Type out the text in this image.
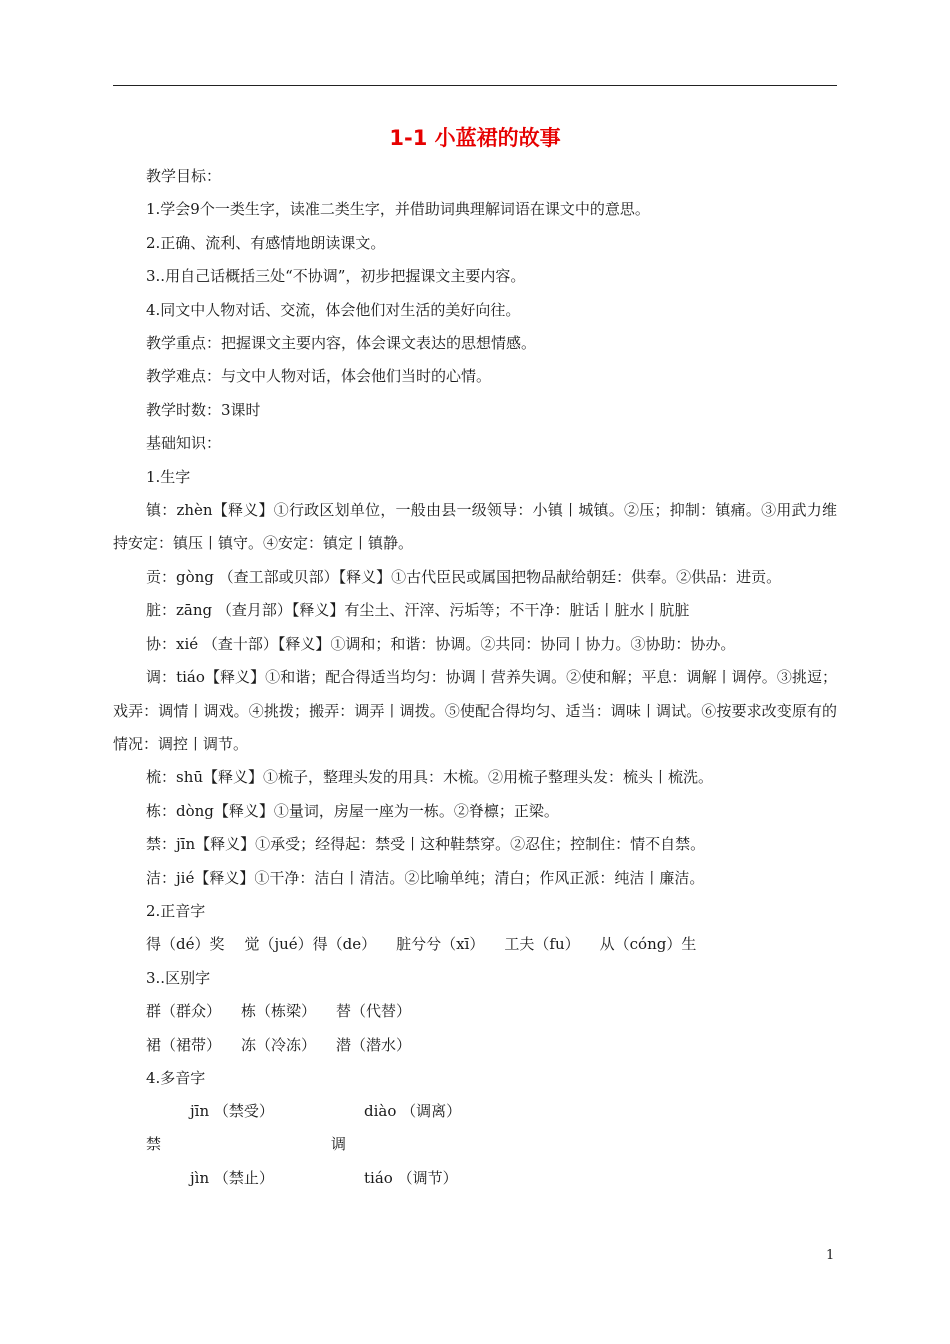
1-1 小蓝裙的故事

教学目标：

1.学会9个一类生字，读准二类生字，并借助词典理解词语在课文中的意思。

2.正确、流利、有感情地朗读课文。

3..用自己话概括三处“不协调”，初步把握课文主要内容。

4.同文中人物对话、交流，体会他们对生活的美好向往。

教学重点：把握课文主要内容，体会课文表达的思想情感。

教学难点：与文中人物对话，体会他们当时的心情。

教学时数：3课时

基础知识：

1.生字

镇：zhèn【释义】①行政区划单位，一般由县一级领导：小镇丨城镇。②压；抑制：镇痛。③用武力维持安定：镇压丨镇守。④安定：镇定丨镇静。

贡：gòng （查工部或贝部）【释义】①古代臣民或属国把物品献给朝廷：供奉。②供品：进贡。

脏：zāng （查月部）【释义】有尘土、汗滓、污垢等；不干净：脏话丨脏水丨肮脏

协：xié （查十部）【释义】①调和；和谐：协调。②共同：协同丨协力。③协助：协办。

调：tiáo【释义】①和谐；配合得适当均匀：协调丨营养失调。②使和解；平息：调解丨调停。③挑逗；戏弄：调情丨调戏。④挑拨；搬弄：调弄丨调拨。⑤使配合得均匀、适当：调味丨调试。⑥按要求改变原有的情况：调控丨调节。

梳：shū【释义】①梳子，整理头发的用具：木梳。②用梳子整理头发：梳头丨梳洗。

栋：dòng【释义】①量词，房屋一座为一栋。②脊檩；正梁。

禁：jīn【释义】①承受；经得起：禁受丨这种鞋禁穿。②忍住；控制住：情不自禁。

洁：jié【释义】①干净：洁白丨清洁。②比喻单纯；清白；作风正派：纯洁丨廉洁。

2.正音字

得（dé）奖 觉（jué）得（de） 脏兮兮（xī） 工夫（fu） 从（cóng）生

3..区别字

群（群众） 栋（栋梁） 替（代替）

裙（裙带） 冻（冷冻） 潜（潜水）

4.多音字

jīn （禁受）	diào （调离）
禁	调
jìn （禁止）	tiáo （调节）
1
